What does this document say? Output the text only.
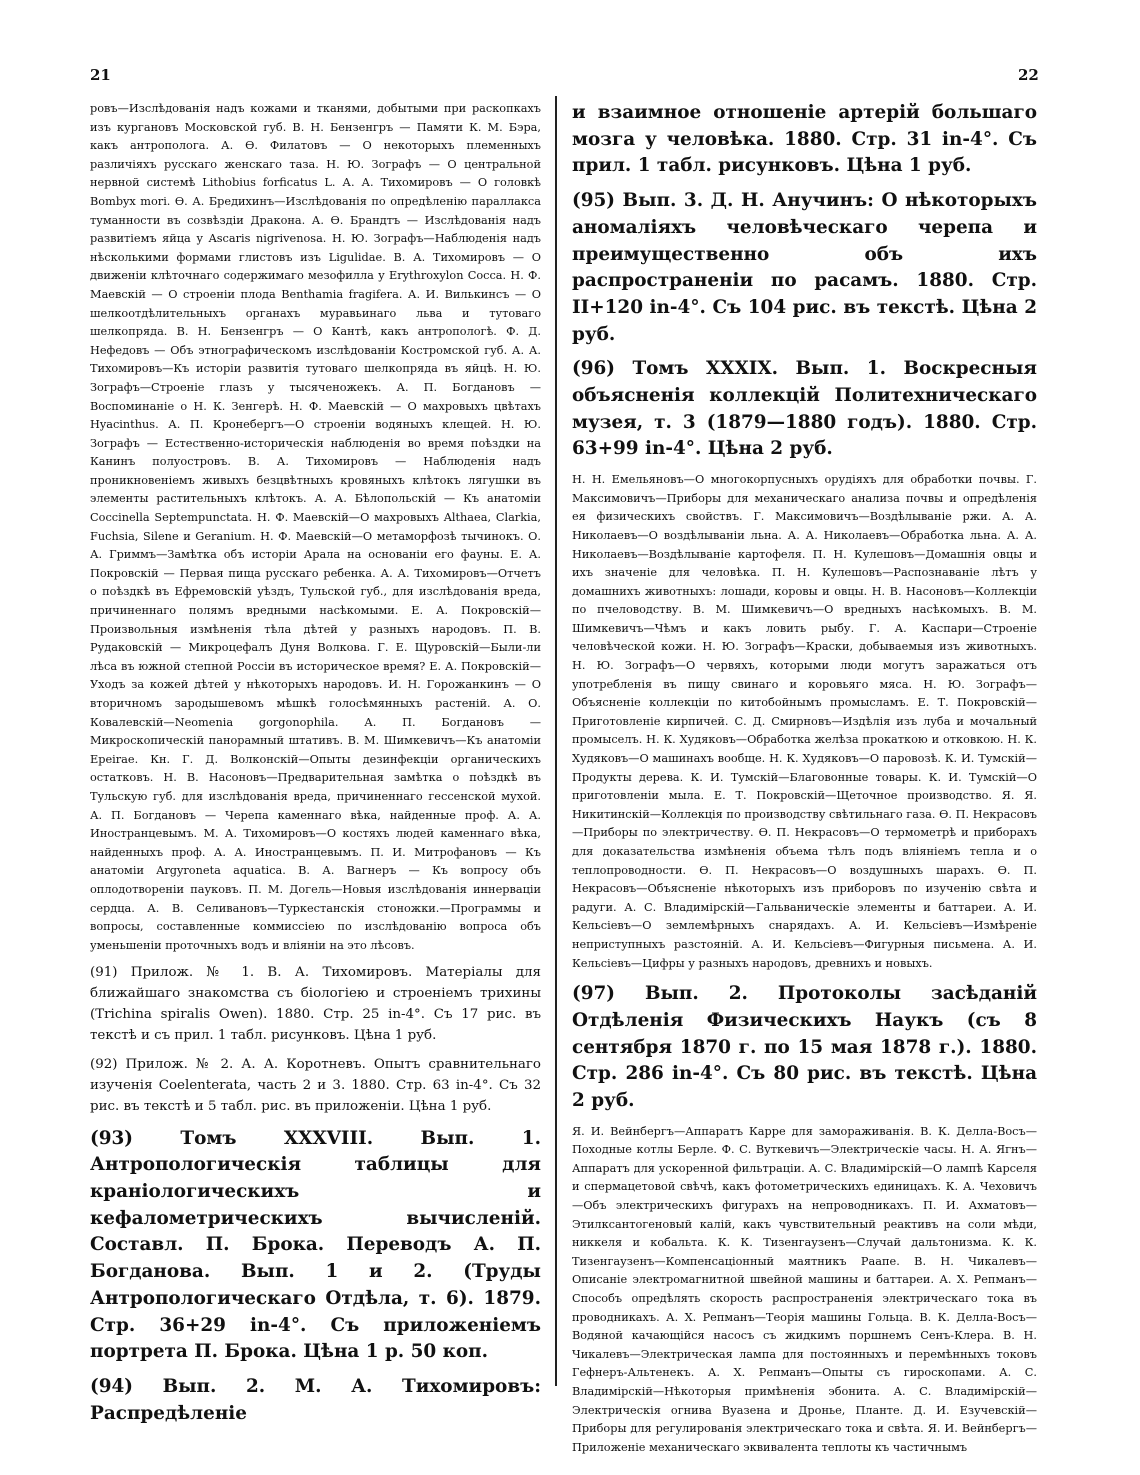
21	22

ровъ—Изслѣдованія надъ кожами и тканями, добытыми при раскопкахъ изъ кургановъ Московской губ. В. Н. Бензенгръ — Памяти К. М. Бэра, какъ антрополога. А. Ѳ. Филатовъ — О некоторыхъ племенныхъ различіяхъ русскаго женскаго таза. Н. Ю. Зографъ — О центральной нервной системѣ Lithobius forficatus L. А. А. Тихомировъ — О головкѣ Bombyx mori. Ѳ. А. Бредихинъ—Изслѣдованія по опредѣленію параллакса туманности въ созвѣздіи Дракона. А. Ѳ. Брандтъ — Изслѣдованія надъ развитіемъ яйца у Ascaris nigrivenosa. Н. Ю. Зографъ—Наблюденія надъ нѣсколькими формами глистовъ изъ Ligulidae. В. А. Тихомировъ — О движеніи клѣточнаго содержимаго мезофилла у Erythroxylon Cocca. Н. Ф. Маевскій — О строеніи плода Benthamia fragifera. А. И. Вилькинсъ — О шелкоотдѣлительныхъ органахъ муравьинаго льва и тутоваго шелкопряда. В. Н. Бензенгръ — О Кантѣ, какъ антропологѣ. Ф. Д. Нефедовъ — Объ этнографическомъ изслѣдованіи Костромской губ. А. А. Тихомировъ—Къ исторіи развитія тутоваго шелкопряда въ яйцѣ. Н. Ю. Зографъ—Строеніе глазъ у тысяченожекъ. А. П. Богдановъ — Воспоминаніе о Н. К. Зенгерѣ. Н. Ф. Маевскій — О махровыхъ цвѣтахъ Hyacinthus. А. П. Кронебергъ—О строеніи водяныхъ клещей. Н. Ю. Зографъ — Естественно-историческія наблюденія во время поѣздки на Канинъ полуостровъ. В. А. Тихомировъ — Наблюденія надъ проникновеніемъ живыхъ безцвѣтныхъ кровяныхъ клѣтокъ лягушки въ элементы растительныхъ клѣтокъ. А. А. Бѣлопольскій — Къ анатоміи Coccinella Septempunctata. Н. Ф. Маевскій—О махровыхъ Althaea, Clarkia, Fuchsia, Silene и Geranium. Н. Ф. Маевскій—О метаморфозѣ тычинокъ. О. А. Гриммъ—Замѣтка объ исторіи Арала на основаніи его фауны. Е. А. Покровскій — Первая пища русскаго ребенка. А. А. Тихомировъ—Отчетъ о поѣздкѣ въ Ефремовскій уѣздъ, Тульской губ., для изслѣдованія вреда, причиненнаго полямъ вредными насѣкомыми. Е. А. Покровскій—Произвольныя измѣненія тѣла дѣтей у разныхъ народовъ. П. В. Рудаковскій — Микроцефалъ Дуня Волкова. Г. Е. Щуровскій—Были-ли лѣса въ южной степной Россіи въ историческое время? Е. А. Покровскій—Уходъ за кожей дѣтей у нѣкоторыхъ народовъ. И. Н. Горожанкинъ — О вторичномъ зародышевомъ мѣшкѣ голосѣмянныхъ растеній. А. О. Ковалевскій—Neomenia gorgonophila. А. П. Богдановъ — Микроскопическій панорамный штативъ. В. М. Шимкевичъ—Къ анатоміи Epeirae. Кн. Г. Д. Волконскій—Опыты дезинфекціи органическихъ остатковъ. Н. В. Насоновъ—Предварительная замѣтка о поѣздкѣ въ Тульскую губ. для изслѣдованія вреда, причиненнаго гессенской мухой. А. П. Богдановъ — Черепа каменнаго вѣка, найденные проф. А. А. Иностранцевымъ. М. А. Тихомировъ—О костяхъ людей каменнаго вѣка, найденныхъ проф. А. А. Иностранцевымъ. П. И. Митрофановъ — Къ анатоміи Argyroneta aquatica. В. А. Вагнеръ — Къ вопросу объ оплодотвореніи пауковъ. П. М. Догель—Новыя изслѣдованія иннервацiи сердца. А. В. Селивановъ—Туркестанскія стоножки.—Программы и вопросы, составленные коммиссіею по изслѣдованію вопроса объ уменьшеніи проточныхъ водъ и вліяніи на это лѣсовъ.

(91) Прилож. № 1. В. А. Тихомировъ. Матеріалы для ближайшаго знакомства съ біологіею и строеніемъ трихины (Trichina spiralis Owen). 1880. Стр. 25 in-4°. Съ 17 рис. въ текстѣ и съ прил. 1 табл. рисунковъ. Цѣна 1 руб.

(92) Прилож. № 2. А. А. Коротневъ. Опытъ сравнительнаго изученія Coelenterata, часть 2 и 3. 1880. Стр. 63 in-4°. Съ 32 рис. въ текстѣ и 5 табл. рис. въ приложеніи. Цѣна 1 руб.

(93) Томъ XXXVIII. Вып. 1. Антропологическія таблицы для краніологическихъ и кефалометрическихъ вычисленій. Составл. П. Брока. Переводъ А. П. Богданова. Вып. 1 и 2. (Труды Антропологическаго Отдѣла, т. 6). 1879. Стр. 36+29 in-4°. Съ приложеніемъ портрета П. Брока. Цѣна 1 р. 50 коп.

(94) Вып. 2. М. А. Тихомировъ: Распредѣленіе

и взаимное отношеніе артерій большаго мозга у человѣка. 1880. Стр. 31 in-4°. Съ прил. 1 табл. рисунковъ. Цѣна 1 руб.

(95) Вып. 3. Д. Н. Анучинъ: О нѣкоторыхъ аномаліяхъ человѣческаго черепа и преимущественно объ ихъ распространеніи по расамъ. 1880. Стр. II+120 in-4°. Съ 104 рис. въ текстѣ. Цѣна 2 руб.

(96) Томъ XXXIX. Вып. 1. Воскресныя объясненія коллекцій Политехническаго музея, т. 3 (1879—1880 годъ). 1880. Стр. 63+99 in-4°. Цѣна 2 руб.

Н. Н. Емельяновъ—О многокорпусныхъ орудіяхъ для обработки почвы. Г. Максимовичъ—Приборы для механическаго анализа почвы и опредѣленія ея физическихъ свойствъ. Г. Максимовичъ—Воздѣлываніе ржи. А. А. Николаевъ—О воздѣлываніи льна. А. А. Николаевъ—Обработка льна. А. А. Николаевъ—Воздѣлываніе картофеля. П. Н. Кулешовъ—Домашнія овцы и ихъ значеніе для человѣка. П. Н. Кулешовъ—Распознаваніе лѣтъ у домашнихъ животныхъ: лошади, коровы и овцы. Н. В. Насоновъ—Коллекціи по пчеловодству. В. М. Шимкевичъ—О вредныхъ насѣкомыхъ. В. М. Шимкевичъ—Чѣмъ и какъ ловить рыбу. Г. А. Каспари—Строеніе человѣческой кожи. Н. Ю. Зографъ—Краски, добываемыя изъ животныхъ. Н. Ю. Зографъ—О червяхъ, которыми люди могутъ заражаться отъ употребленія въ пищу свинаго и коровьяго мяса. Н. Ю. Зографъ—Объясненіе коллекціи по китобойнымъ промысламъ. Е. Т. Покровскій—Приготовленіе кирпичей. С. Д. Смирновъ—Издѣлія изъ луба и мочальный промыселъ. Н. К. Худяковъ—Обработка желѣза прокаткою и отковкою. Н. К. Худяковъ—О машинахъ вообще. Н. К. Худяковъ—О паровозѣ. К. И. Тумскій—Продукты дерева. К. И. Тумскій—Благовонные товары. К. И. Тумскій—О приготовленіи мыла. Е. Т. Покровскій—Щеточное производство. Я. Я. Никитинскій—Коллекція по производству свѣтильнаго газа. Ѳ. П. Некрасовъ—Приборы по электричеству. Ѳ. П. Некрасовъ—О термометрѣ и приборахъ для доказательства измѣненія объема тѣлъ подъ вліяніемъ тепла и о теплопроводности. Ѳ. П. Некрасовъ—О воздушныхъ шарахъ. Ѳ. П. Некрасовъ—Объясненіе нѣкоторыхъ изъ приборовъ по изученію свѣта и радуги. А. С. Владимірскій—Гальваническіе элементы и баттареи. А. И. Кельсіевъ—О землемѣрныхъ снарядахъ. А. И. Кельсіевъ—Измѣреніе неприступныхъ разстояній. А. И. Кельсіевъ—Фигурныя письмена. А. И. Кельсіевъ—Цифры у разныхъ народовъ, древнихъ и новыхъ.

(97) Вып. 2. Протоколы засѣданій Отдѣленія Физическихъ Наукъ (съ 8 сентября 1870 г. по 15 мая 1878 г.). 1880. Стр. 286 in-4°. Съ 80 рис. въ текстѣ. Цѣна 2 руб.

Я. И. Вейнбергъ—Аппаратъ Карре для замораживанія. В. К. Делла-Восъ—Походные котлы Берле. Ф. С. Вуткевичъ—Электрическіе часы. Н. А. Ягнъ—Аппаратъ для ускоренной фильтраціи. А. С. Владимірскій—О лампѣ Карселя и спермацетовой свѣчѣ, какъ фотометрическихъ единицахъ. К. А. Чеховичъ—Объ электрическихъ фигурахъ на непроводникахъ. П. И. Ахматовъ—Этилксантогеновый калій, какъ чувствительный реактивъ на соли мѣди, никкеля и кобальта. К. К. Тизенгаузенъ—Случай дальтонизма. К. К. Тизенгаузенъ—Компенсаціонный маятникъ Раапе. В. Н. Чикалевъ—Описаніе электромагнитной швейной машины и баттареи. А. Х. Репманъ—Способъ опредѣлять скорость распространенія электрическаго тока въ проводникахъ. А. Х. Репманъ—Теорія машины Гольца. В. К. Делла-Восъ—Водяной качающійся насосъ съ жидкимъ поршнемъ Сенъ-Клера. В. Н. Чикалевъ—Электрическая лампа для постоянныхъ и перемѣнныхъ токовъ Гефнеръ-Альтенекъ. А. Х. Репманъ—Опыты съ гироскопами. А. С. Владимірскій—Нѣкоторыя примѣненія эбонита. А. С. Владимірскій—Электрическія огнива Вуазена и Дронье, Планте. Д. И. Езучевскій—Приборы для регулированія электрическаго тока и свѣта. Я. И. Вейнбергъ—Приложеніе механическаго эквивалента теплоты къ частичнымъ
